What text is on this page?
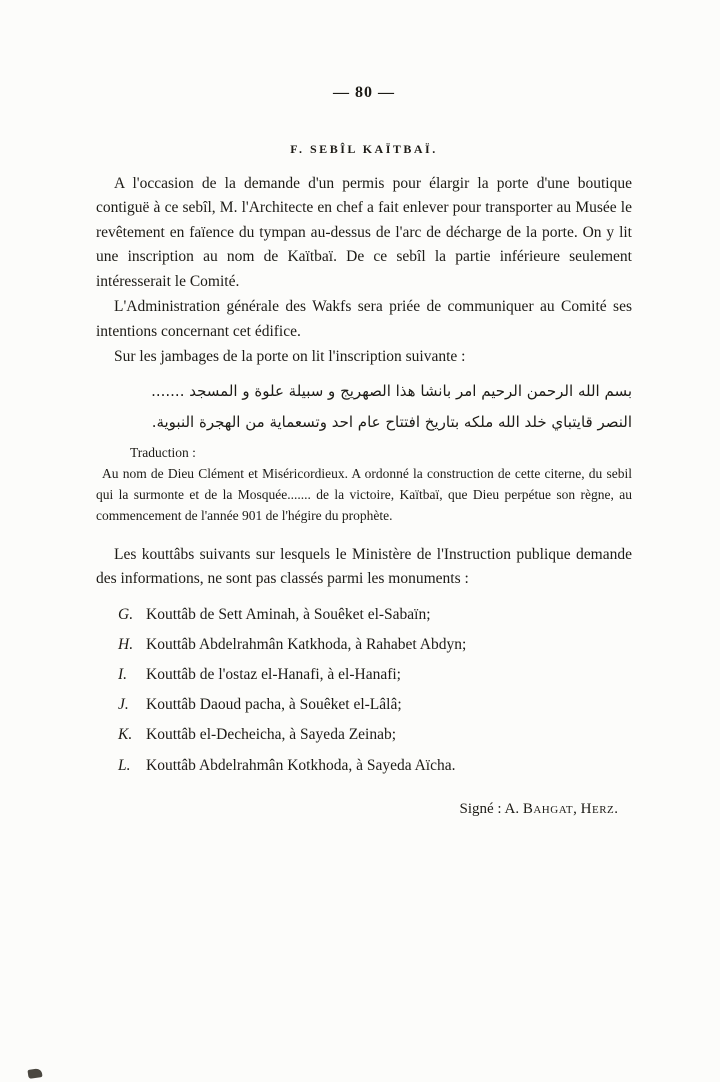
— 80 —
F. SEBÎL KAÏTBAÏ.

A l'occasion de la demande d'un permis pour élargir la porte d'une boutique contiguë à ce sebîl, M. l'Architecte en chef a fait enlever pour transporter au Musée le revêtement en faïence du tympan au-dessus de l'arc de décharge de la porte. On y lit une inscription au nom de Kaïtbaï. De ce sebîl la partie inférieure seulement intéresserait le Comité.

L'Administration générale des Wakfs sera priée de communiquer au Comité ses intentions concernant cet édifice.

Sur les jambages de la porte on lit l'inscription suivante :

بسم الله الرحمن الرحيم امر بانشا هذا الصهريج و سبيلة علوة و المسجد .......
النصر قايتباي خلد الله ملكه بتاريخ افتتاح عام احد وتسعماية من الهجرة النبوية.
Traduction :

Au nom de Dieu Clément et Miséricordieux. A ordonné la construction de cette citerne, du sebil qui la surmonte et de la Mosquée....... de la victoire, Kaïtbaï, que Dieu perpétue son règne, au commencement de l'année 901 de l'hégire du prophète.

Les kouttâbs suivants sur lesquels le Ministère de l'Instruction publique demande des informations, ne sont pas classés parmi les monuments :

G. Kouttâb de Sett Aminah, à Souêket el-Sabaïn;
H. Kouttâb Abdelrahmân Katkhoda, à Rahabet Abdyn;
I.	Kouttâb de l'ostaz el-Hanafi, à el-Hanafi;
J.	Kouttâb Daoud pacha, à Souêket el-Lâlâ;
K. Kouttâb el-Decheicha, à Sayeda Zeinab;
L.	Kouttâb Abdelrahmân Kotkhoda, à Sayeda Aïcha.
Signé : A. Bahgat, Herz.
